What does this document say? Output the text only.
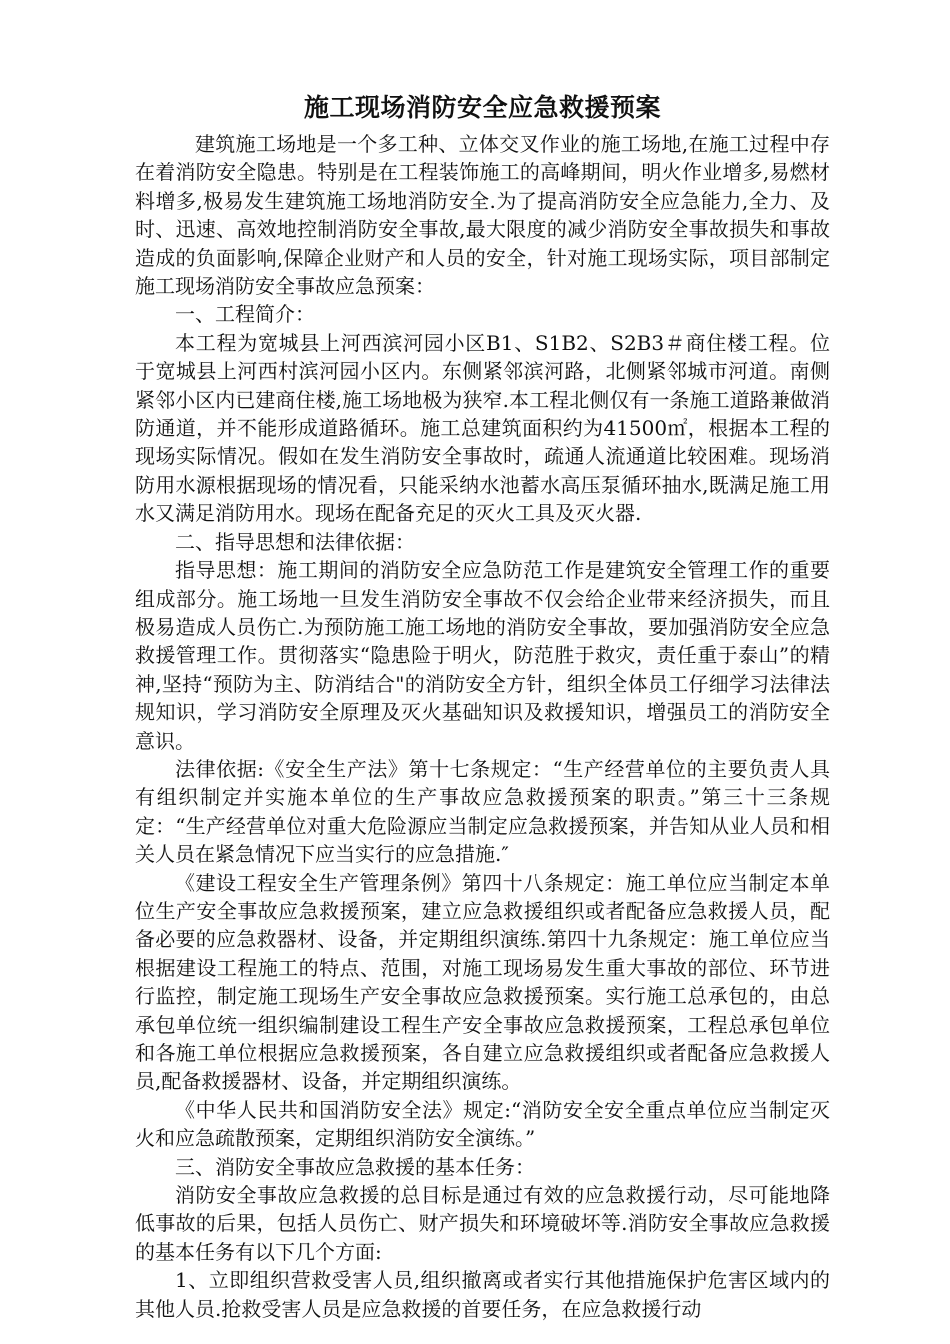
施工现场消防安全应急救援预案

建筑施工场地是一个多工种、立体交叉作业的施工场地,在施工过程中存在着消防安全隐患。特别是在工程装饰施工的高峰期间，明火作业增多,易燃材料增多,极易发生建筑施工场地消防安全.为了提高消防安全应急能力,全力、及时、迅速、高效地控制消防安全事故,最大限度的减少消防安全事故损失和事故造成的负面影响,保障企业财产和人员的安全，针对施工现场实际，项目部制定施工现场消防安全事故应急预案：

一、工程简介：

本工程为宽城县上河西滨河园小区B1、S1B2、S2B3＃商住楼工程。位于宽城县上河西村滨河园小区内。东侧紧邻滨河路，北侧紧邻城市河道。南侧紧邻小区内已建商住楼,施工场地极为狭窄.本工程北侧仅有一条施工道路兼做消防通道，并不能形成道路循环。施工总建筑面积约为41500㎡，根据本工程的现场实际情况。假如在发生消防安全事故时，疏通人流通道比较困难。现场消防用水源根据现场的情况看，只能采纳水池蓄水高压泵循环抽水,既满足施工用水又满足消防用水。现场在配备充足的灭火工具及灭火器.

二、指导思想和法律依据：

指导思想：施工期间的消防安全应急防范工作是建筑安全管理工作的重要组成部分。施工场地一旦发生消防安全事故不仅会给企业带来经济损失，而且极易造成人员伤亡.为预防施工施工场地的消防安全事故，要加强消防安全应急救援管理工作。贯彻落实“隐患险于明火，防范胜于救灾，责任重于泰山”的精神,坚持“预防为主、防消结合"的消防安全方针，组织全体员工仔细学习法律法规知识，学习消防安全原理及灭火基础知识及救援知识，增强员工的消防安全意识。

法律依据:《安全生产法》第十七条规定：“生产经营单位的主要负责人具有组织制定并实施本单位的生产事故应急救援预案的职责。”第三十三条规定：“生产经营单位对重大危险源应当制定应急救援预案，并告知从业人员和相关人员在紧急情况下应当实行的应急措施.″

《建设工程安全生产管理条例》第四十八条规定：施工单位应当制定本单位生产安全事故应急救援预案，建立应急救援组织或者配备应急救援人员，配备必要的应急救器材、设备，并定期组织演练.第四十九条规定：施工单位应当根据建设工程施工的特点、范围，对施工现场易发生重大事故的部位、环节进行监控，制定施工现场生产安全事故应急救援预案。实行施工总承包的，由总承包单位统一组织编制建设工程生产安全事故应急救援预案，工程总承包单位和各施工单位根据应急救援预案，各自建立应急救援组织或者配备应急救援人员,配备救援器材、设备，并定期组织演练。

《中华人民共和国消防安全法》规定:“消防安全安全重点单位应当制定灭火和应急疏散预案，定期组织消防安全演练。”

三、消防安全事故应急救援的基本任务：

消防安全事故应急救援的总目标是通过有效的应急救援行动，尽可能地降低事故的后果，包括人员伤亡、财产损失和环境破坏等.消防安全事故应急救援的基本任务有以下几个方面:

1、立即组织营救受害人员,组织撤离或者实行其他措施保护危害区域内的其他人员.抢救受害人员是应急救援的首要任务，在应急救援行动
